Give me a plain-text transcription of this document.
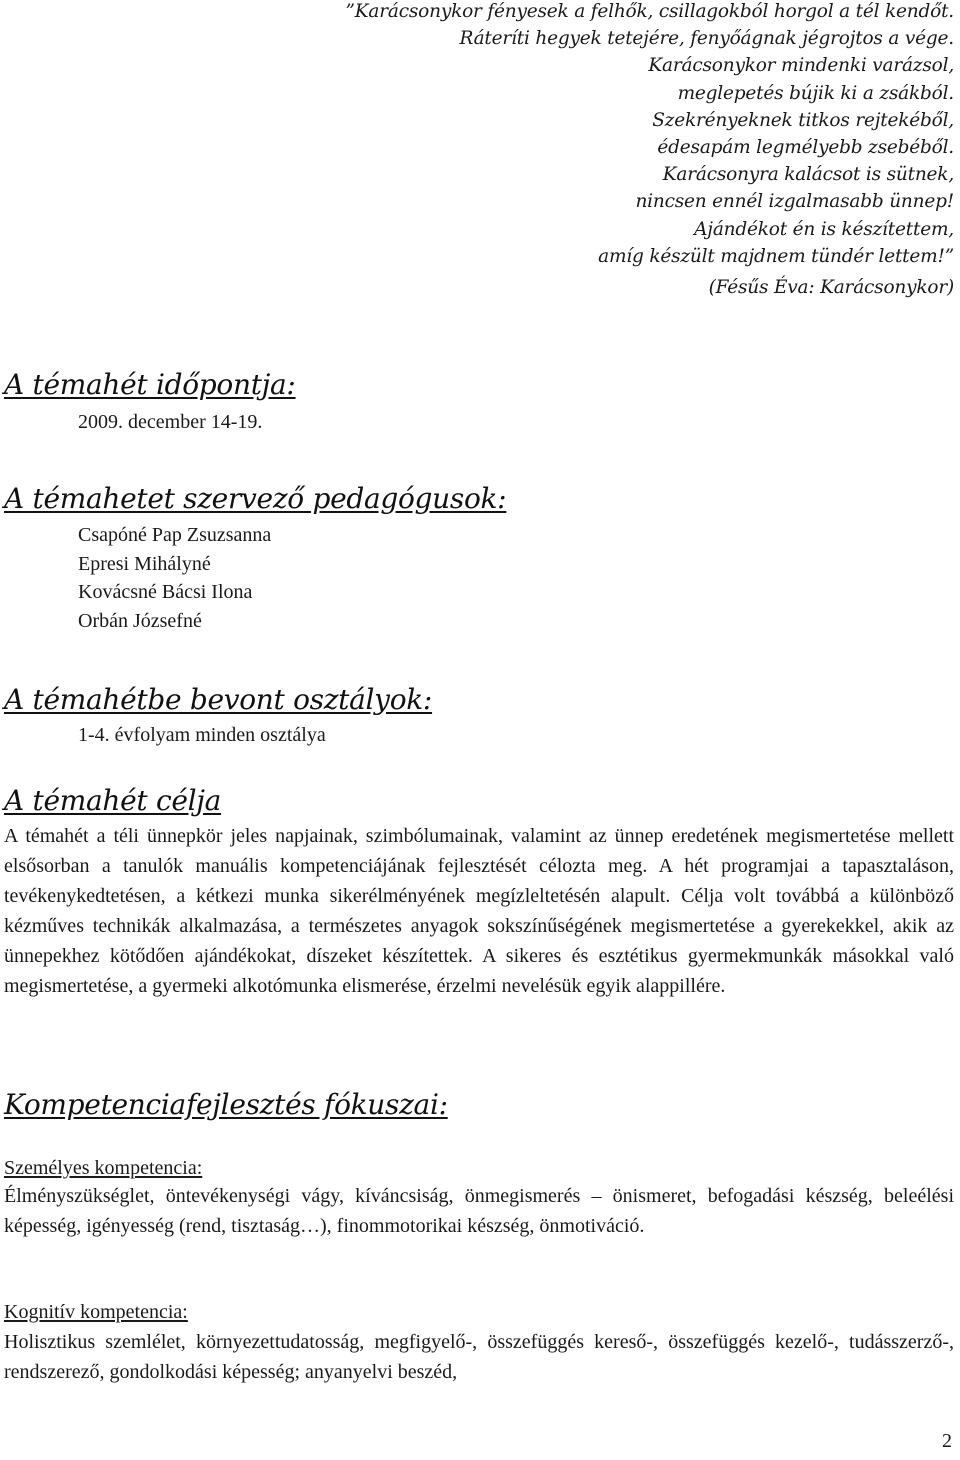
”Karácsonykor fényesek a felhők, csillagokból horgol a tél kendőt.
Ráteríti hegyek tetejére, fenyőágnak jégrojtos a vége.
Karácsonykor mindenki varázsol,
meglepetés bújik ki a zsákból.
Szekrényeknek titkos rejtekéből,
édesapám legmélyebb zsebéből.
Karácsonyra kalácsot is sütnek,
nincsen ennél izgalmasabb ünnep!
Ajándékot én is készítettem,
amíg készült majdnem tündér lettem!”
(Fésűs Éva: Karácsonykor)
A témahét időpontja:
2009. december 14-19.
A témahetet szervező pedagógusok:
Csapóné Pap Zsuzsanna
Epresi Mihályné
Kovácsné Bácsi Ilona
Orbán Józsefné
A témahétbe bevont osztályok:
1-4. évfolyam minden osztálya
A témahét célja
A témahét a téli ünnepkör jeles napjainak, szimbólumainak, valamint az ünnep eredetének megismertetése mellett elsősorban a tanulók manuális kompetenciájának fejlesztését célozta meg. A hét programjai a tapasztaláson, tevékenykedtetésen, a kétkezi munka sikerélményének megízleltetésén alapult. Célja volt továbbá a különböző kézműves technikák alkalmazása, a természetes anyagok sokszínűségének megismertetése a gyerekekkel, akik az ünnepekhez kötődően ajándékokat, díszeket készítettek. A sikeres és esztétikus gyermekmunkák másokkal való megismertetése, a gyermeki alkotómunka elismerése, érzelmi nevelésük egyik alappillére.
Kompetenciafejlesztés fókuszai:
Személyes kompetencia:
Élményszükséglet, öntevékenységi vágy, kíváncsiság, önmegismerés – önismeret, befogadási készség, beleélési képesség, igényesség (rend, tisztaság…), finommotorikai készség, önmotiváció.
Kognitív kompetencia:
Holisztikus szemlélet, környezettudatosság, megfigyelő-, összefüggés kereső-, összefüggés kezelő-, tudásszerző-, rendszerező, gondolkodási képesség; anyanyelvi beszéd,
2
